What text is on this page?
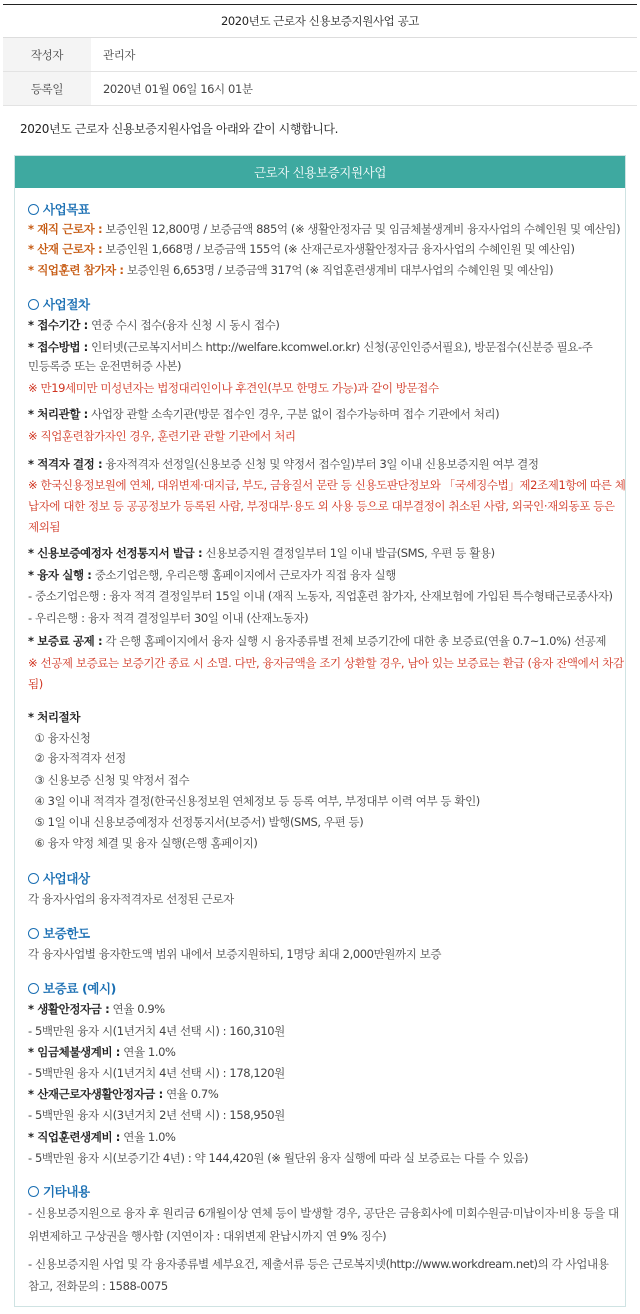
2020년도 근로자 신용보증지원사업 공고
작성자	관리자
등록일	2020년 01월 06일 16시 01분
2020년도 근로자 신용보증지원사업을 아래와 같이 시행합니다.
근로자 신용보증지원사업
사업목표
* 재직 근로자 : 보증인원 12,800명 / 보증금액 885억 (※ 생활안정자금 및 임금체불생계비 융자사업의 수혜인원 및 예산임)
* 산재 근로자 : 보증인원 1,668명 / 보증금액 155억 (※ 산재근로자생활안정자금 융자사업의 수혜인원 및 예산임)
* 직업훈련 참가자 : 보증인원 6,653명 / 보증금액 317억 (※ 직업훈련생계비 대부사업의 수혜인원 및 예산임)
사업절차
* 접수기간 : 연중 수시 접수(융자 신청 시 동시 접수)
* 접수방법 : 인터넷(근로복지서비스 http://welfare.kcomwel.or.kr) 신청(공인인증서필요), 방문접수(신분증 필요-주
민등록증 또는 운전면허증 사본)
※ 만19세미만 미성년자는 법정대리인이나 후견인(부모 한명도 가능)과 같이 방문접수
* 처리관할 : 사업장 관할 소속기관(방문 접수인 경우, 구분 없이 접수가능하며 접수 기관에서 처리)
※ 직업훈련참가자인 경우, 훈련기관 관할 기관에서 처리
* 적격자 결정 : 융자적격자 선정일(신용보증 신청 및 약정서 접수일)부터 3일 이내 신용보증지원 여부 결정
※ 한국신용정보원에 연체, 대위변제·대지급, 부도, 금융질서 문란 등 신용도판단정보와 「국세징수법」제2조제1항에 따른 체
납자에 대한 정보 등 공공정보가 등록된 사람, 부정대부·용도 외 사용 등으로 대부결정이 취소된 사람, 외국인·재외동포 등은
제외됨
* 신용보증예정자 선정통지서 발급 : 신용보증지원 결정일부터 1일 이내 발급(SMS, 우편 등 활용)
* 융자 실행 : 중소기업은행, 우리은행 홈페이지에서 근로자가 직접 융자 실행
- 중소기업은행 : 융자 적격 결정일부터 15일 이내 (재직 노동자, 직업훈련 참가자, 산재보험에 가입된 특수형태근로종사자)
- 우리은행 : 융자 적격 결정일부터 30일 이내 (산재노동자)
* 보증료 공제 : 각 은행 홈페이지에서 융자 실행 시 융자종류별 전체 보증기간에 대한 총 보증료(연율 0.7~1.0%) 선공제
※ 선공제 보증료는 보증기간 종료 시 소멸. 다만, 융자금액을 조기 상환할 경우, 남아 있는 보증료는 환급 (융자 잔액에서 차감
됨)
* 처리절차
① 융자신청
② 융자적격자 선정
③ 신용보증 신청 및 약정서 접수
④ 3일 이내 적격자 결정(한국신용정보원 연체정보 등 등록 여부, 부정대부 이력 여부 등 확인)
⑤ 1일 이내 신용보증예정자 선정통지서(보증서) 발행(SMS, 우편 등)
⑥ 융자 약정 체결 및 융자 실행(은행 홈페이지)
사업대상
각 융자사업의 융자적격자로 선정된 근로자
보증한도
각 융자사업별 융자한도액 범위 내에서 보증지원하되, 1명당 최대 2,000만원까지 보증
보증료 (예시)
* 생활안정자금 : 연율 0.9%
- 5백만원 융자 시(1년거치 4년 선택 시) : 160,310원
* 임금체불생계비 : 연율 1.0%
- 5백만원 융자 시(1년거치 4년 선택 시) : 178,120원
* 산재근로자생활안정자금 : 연율 0.7%
- 5백만원 융자 시(3년거치 2년 선택 시) : 158,950원
* 직업훈련생계비 : 연율 1.0%
- 5백만원 융자 시(보증기간 4년) : 약 144,420원 (※ 월단위 융자 실행에 따라 실 보증료는 다를 수 있음)
기타내용
- 신용보증지원으로 융자 후 원리금 6개월이상 연체 등이 발생할 경우, 공단은 금융회사에 미회수원금·미납이자·비용 등을 대
위변제하고 구상권을 행사함 (지연이자 : 대위변제 완납시까지 연 9% 징수)
- 신용보증지원 사업 및 각 융자종류별 세부요건, 제출서류 등은 근로복지넷(http://www.workdream.net)의 각 사업내용
참고, 전화문의 : 1588-0075
